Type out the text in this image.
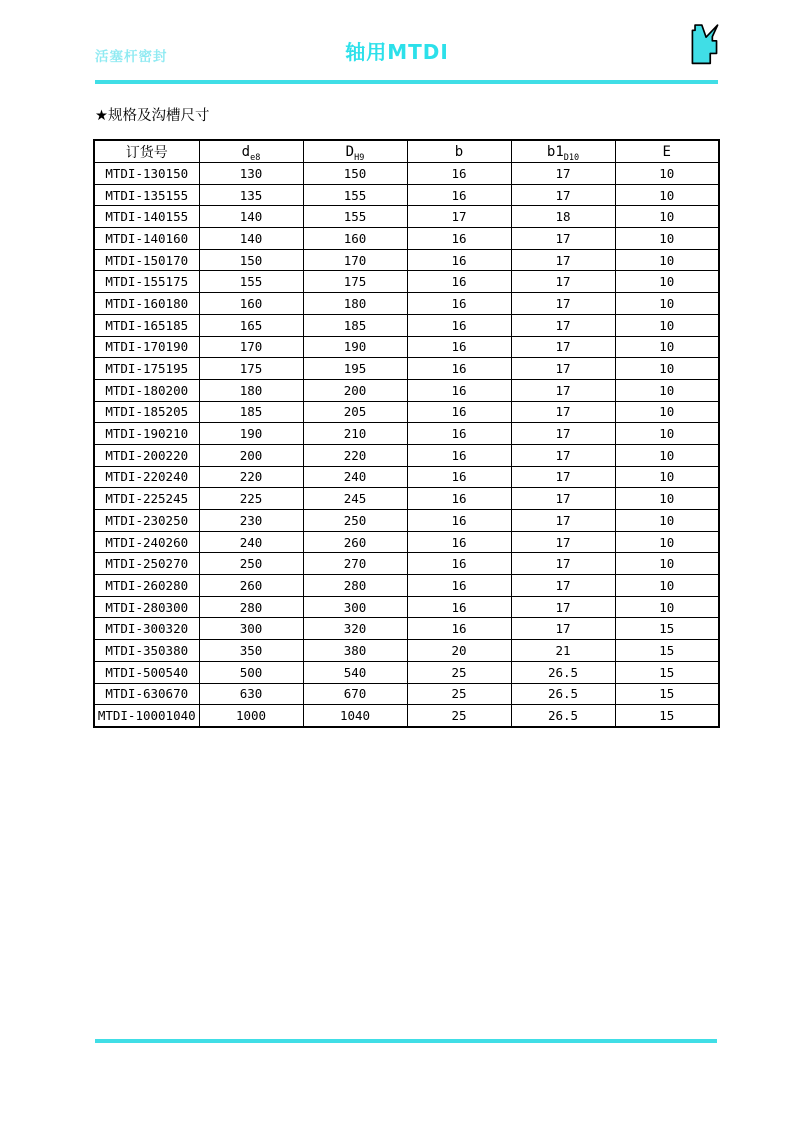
活塞杆密封	轴用MTDI
★规格及沟槽尺寸
订货号	$d_{e8}$	$D_{H9}$	b	$b1_{D10}$	E
MTDI-130150	130	150	16	17	10
MTDI-135155	135	155	16	17	10
MTDI-140155	140	155	17	18	10
MTDI-140160	140	160	16	17	10
MTDI-150170	150	170	16	17	10
MTDI-155175	155	175	16	17	10
MTDI-160180	160	180	16	17	10
MTDI-165185	165	185	16	17	10
MTDI-170190	170	190	16	17	10
MTDI-175195	175	195	16	17	10
MTDI-180200	180	200	16	17	10
MTDI-185205	185	205	16	17	10
MTDI-190210	190	210	16	17	10
MTDI-200220	200	220	16	17	10
MTDI-220240	220	240	16	17	10
MTDI-225245	225	245	16	17	10
MTDI-230250	230	250	16	17	10
MTDI-240260	240	260	16	17	10
MTDI-250270	250	270	16	17	10
MTDI-260280	260	280	16	17	10
MTDI-280300	280	300	16	17	10
MTDI-300320	300	320	16	17	15
MTDI-350380	350	380	20	21	15
MTDI-500540	500	540	25	26.5	15
MTDI-630670	630	670	25	26.5	15
MTDI-10001040	1000	1040	25	26.5	15
